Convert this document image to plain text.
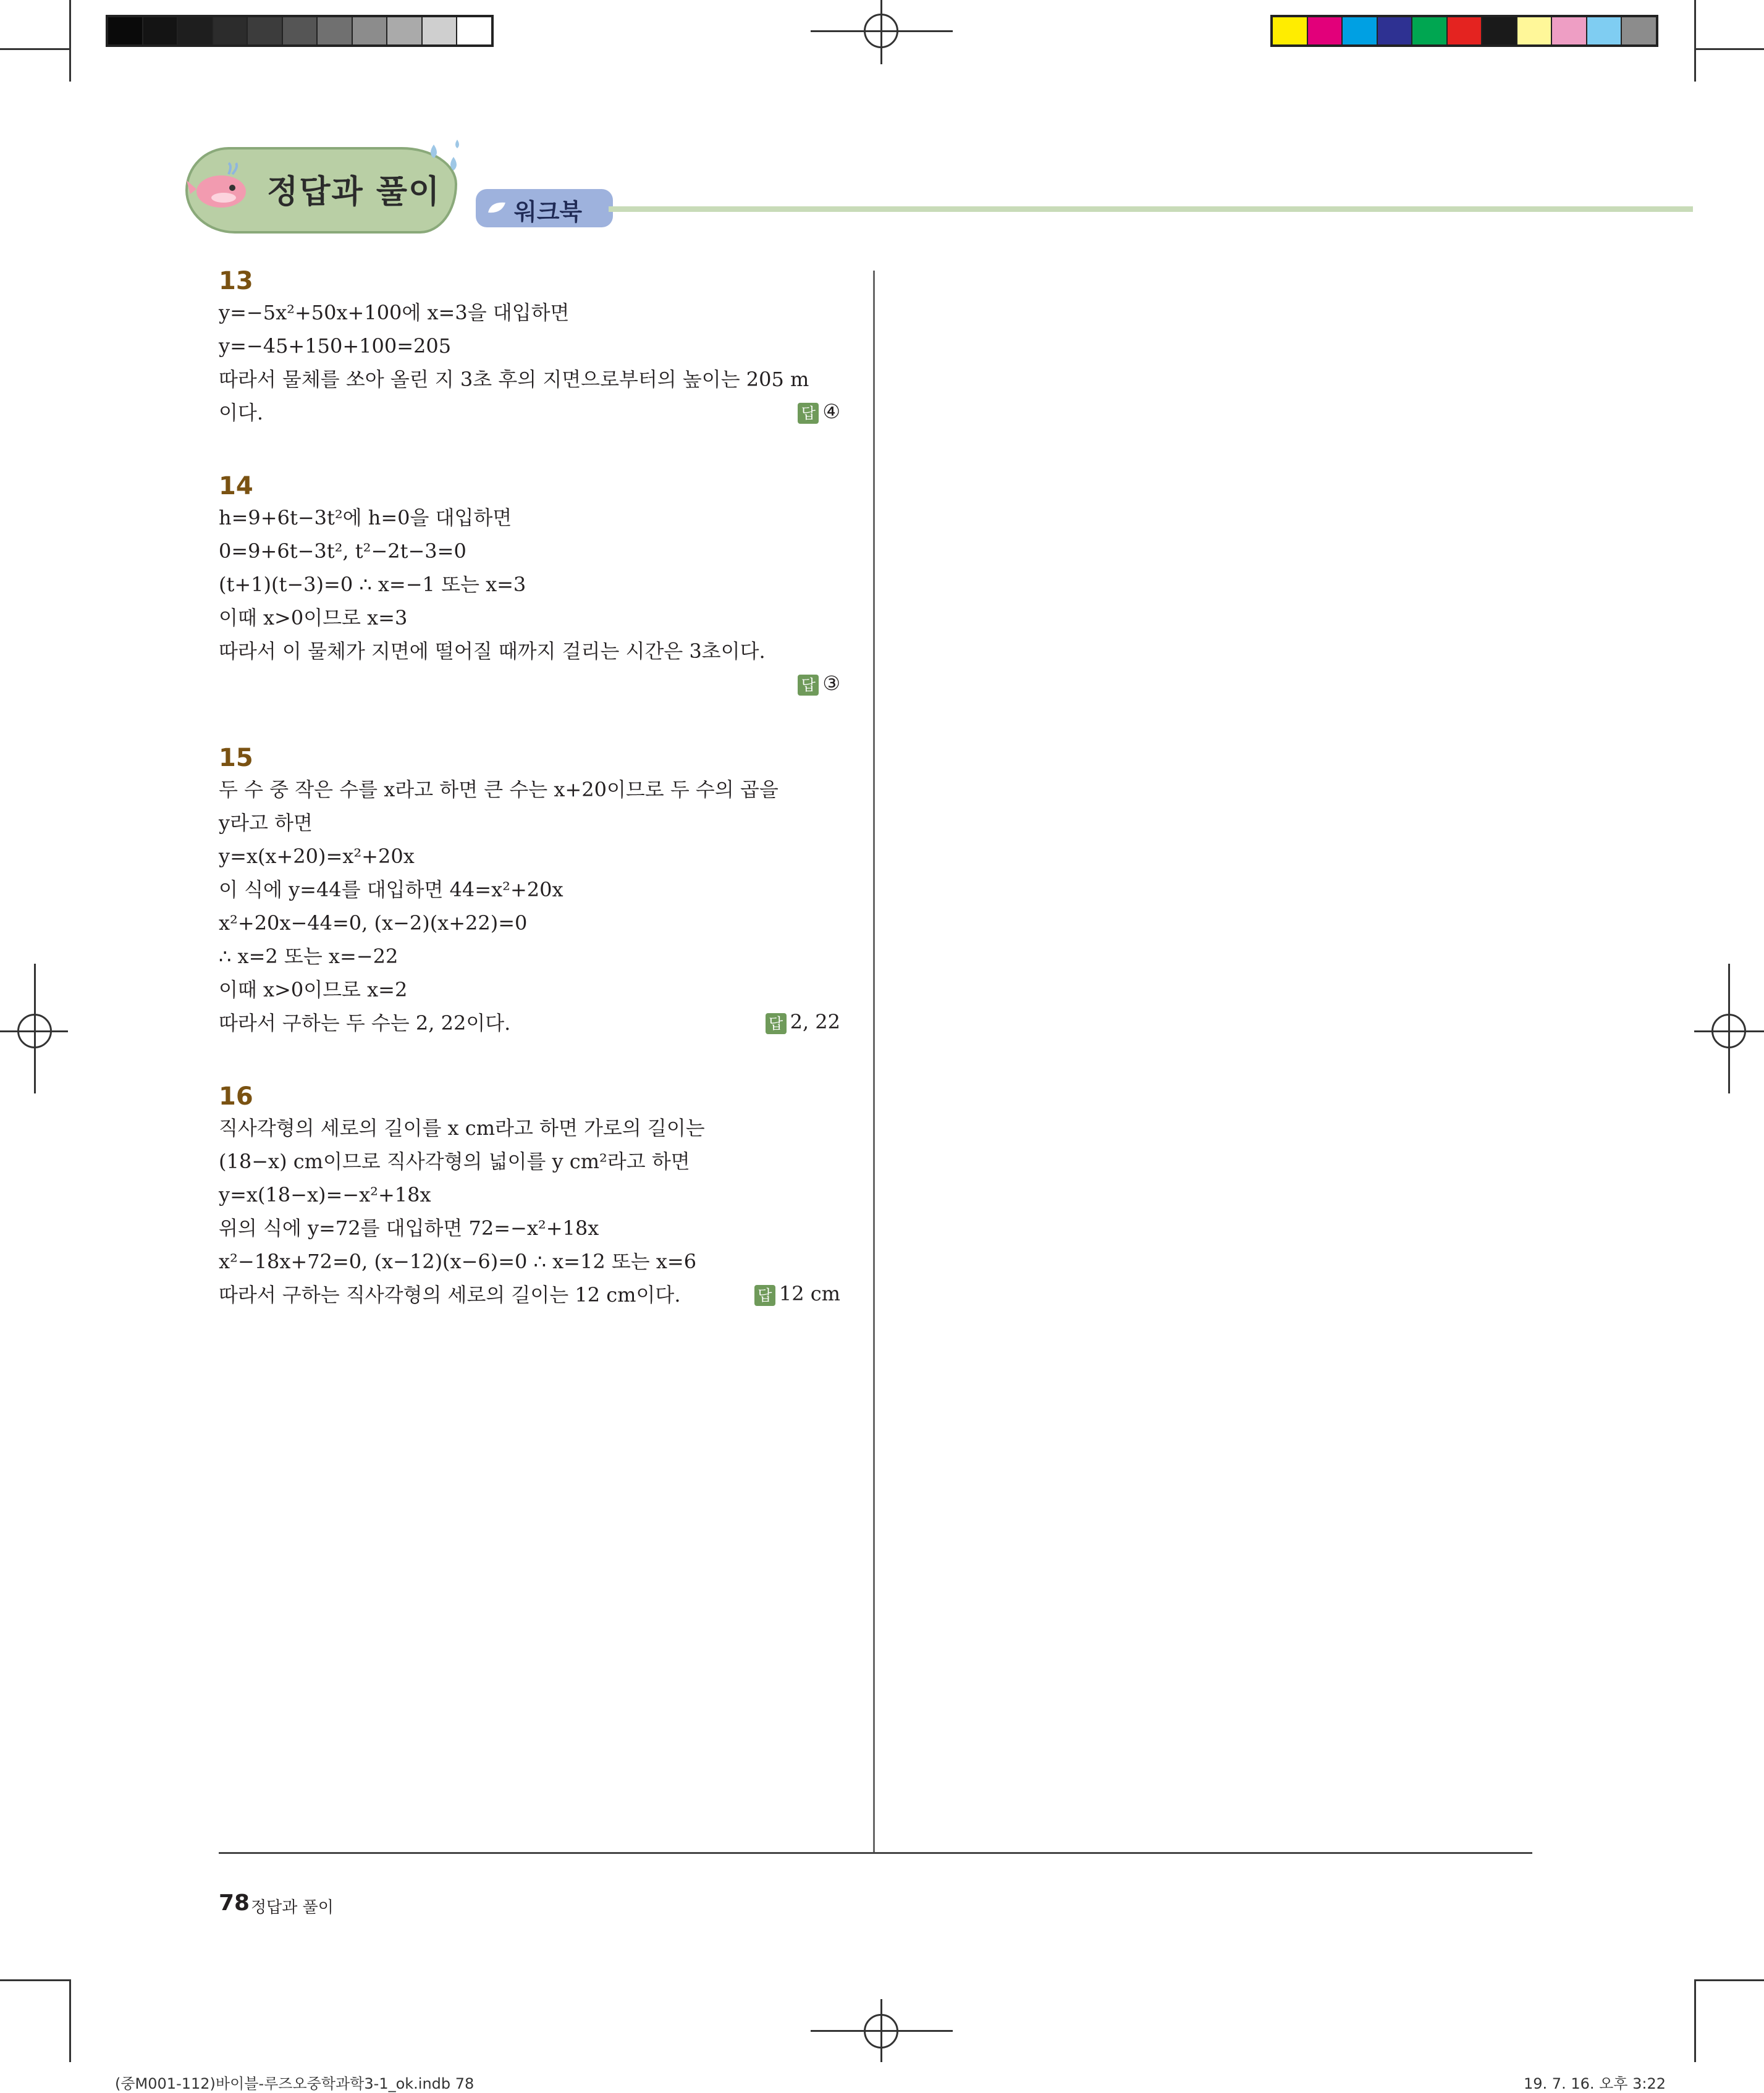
정답과 풀이
워크북
13
y=−5x²+50x+100에 x=3을 대입하면
y=−45+150+100=205
따라서 물체를 쏘아 올린 지 3초 후의 지면으로부터의 높이는 205 m
이다.	답 ④
14
h=9+6t−3t²에 h=0을 대입하면
0=9+6t−3t², t²−2t−3=0
(t+1)(t−3)=0 ∴ x=−1 또는 x=3
이때 x>0이므로 x=3
따라서 이 물체가 지면에 떨어질 때까지 걸리는 시간은 3초이다.
답 ③
15
두 수 중 작은 수를 x라고 하면 큰 수는 x+20이므로 두 수의 곱을
y라고 하면
y=x(x+20)=x²+20x
이 식에 y=44를 대입하면 44=x²+20x
x²+20x−44=0, (x−2)(x+22)=0
∴ x=2 또는 x=−22
이때 x>0이므로 x=2
따라서 구하는 두 수는 2, 22이다.	답 2, 22
16
직사각형의 세로의 길이를 x cm라고 하면 가로의 길이는
(18−x) cm이므로 직사각형의 넓이를 y cm²라고 하면
y=x(18−x)=−x²+18x
위의 식에 y=72를 대입하면 72=−x²+18x
x²−18x+72=0, (x−12)(x−6)=0 ∴ x=12 또는 x=6
따라서 구하는 직사각형의 세로의 길이는 12 cm이다.	답 12 cm
78 정답과 풀이
(중M001-112)바이블-루즈오중학과학3-1_ok.indb 78	19. 7. 16. 오후 3:22
